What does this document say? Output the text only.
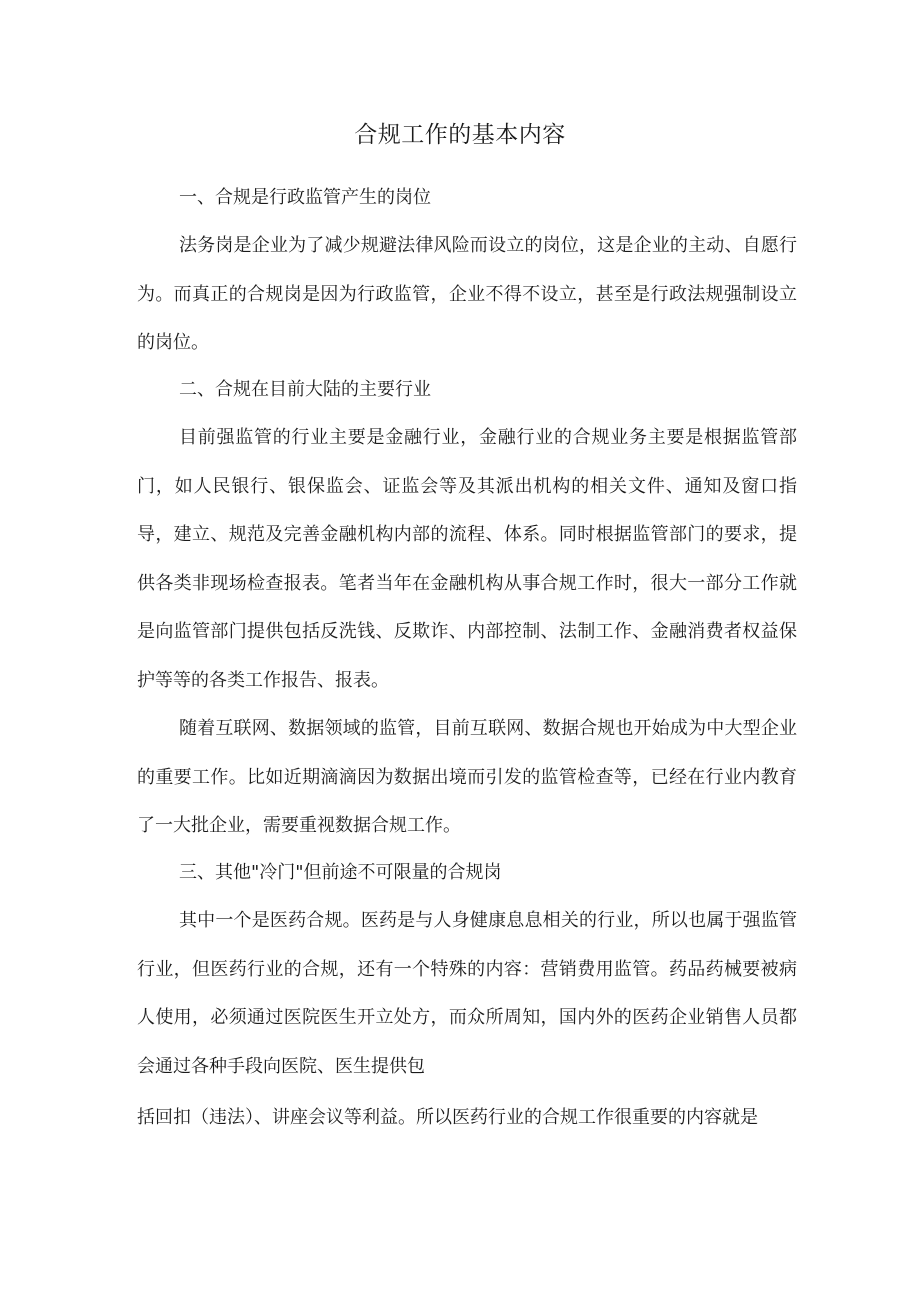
合规工作的基本内容
一、合规是行政监管产生的岗位

法务岗是企业为了减少规避法律风险而设立的岗位，这是企业的主动、自愿行为。而真正的合规岗是因为行政监管，企业不得不设立，甚至是行政法规强制设立的岗位。

二、合规在目前大陆的主要行业

目前强监管的行业主要是金融行业，金融行业的合规业务主要是根据监管部门，如人民银行、银保监会、证监会等及其派出机构的相关文件、通知及窗口指导，建立、规范及完善金融机构内部的流程、体系。同时根据监管部门的要求，提供各类非现场检查报表。笔者当年在金融机构从事合规工作时，很大一部分工作就是向监管部门提供包括反洗钱、反欺诈、内部控制、法制工作、金融消费者权益保护等等的各类工作报告、报表。

随着互联网、数据领域的监管，目前互联网、数据合规也开始成为中大型企业的重要工作。比如近期滴滴因为数据出境而引发的监管检查等，已经在行业内教育了一大批企业，需要重视数据合规工作。

三、其他"冷门"但前途不可限量的合规岗

其中一个是医药合规。医药是与人身健康息息相关的行业，所以也属于强监管行业，但医药行业的合规，还有一个特殊的内容：营销费用监管。药品药械要被病人使用，必须通过医院医生开立处方，而众所周知，国内外的医药企业销售人员都会通过各种手段向医院、医生提供包

括回扣（违法）、讲座会议等利益。所以医药行业的合规工作很重要的内容就是
